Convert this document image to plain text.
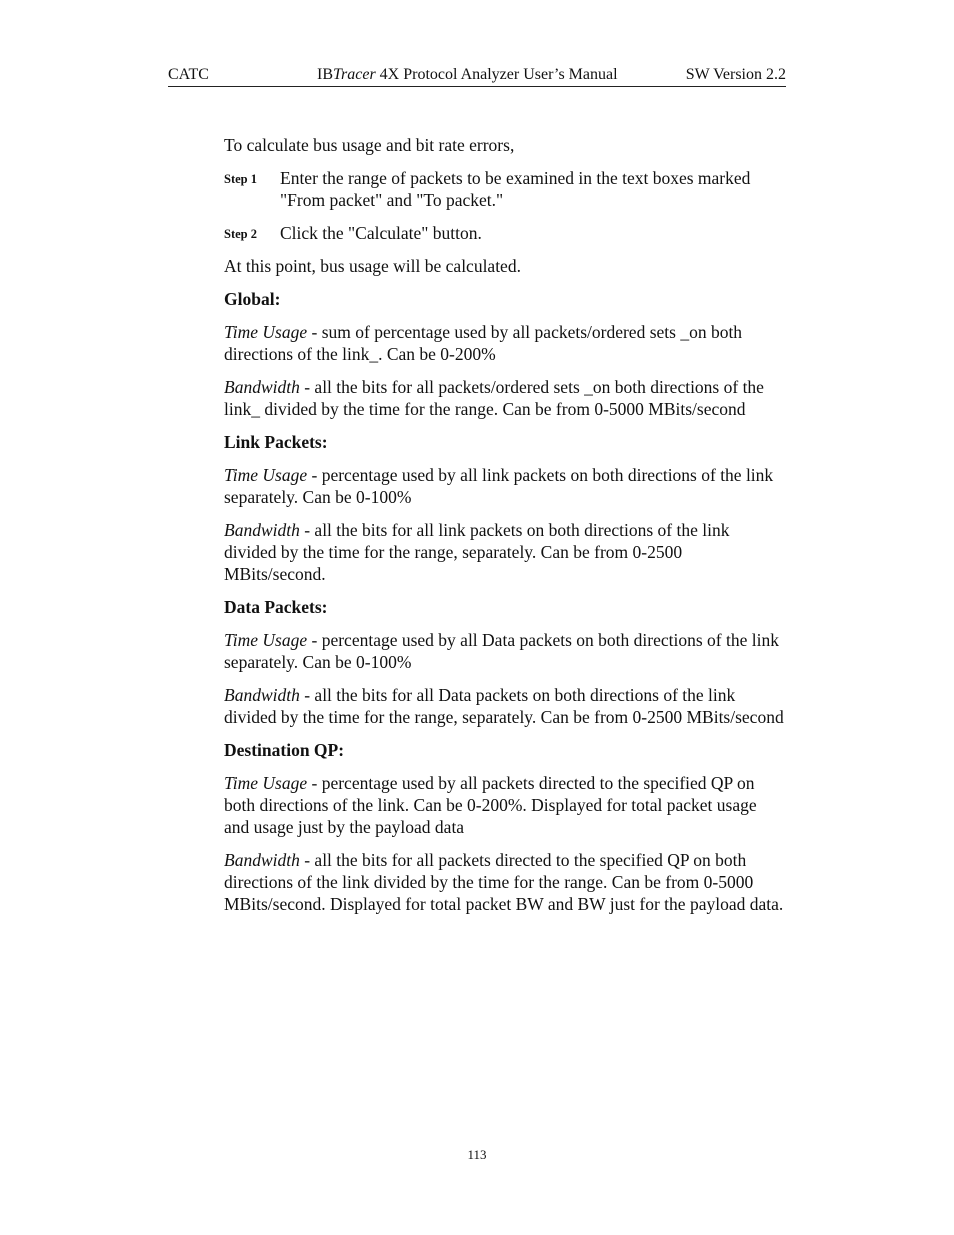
CATC	IBTracer 4X Protocol Analyzer User’s Manual	SW Version 2.2

To calculate bus usage and bit rate errors,

Step 1 Enter the range of packets to be examined in the text boxes marked "From packet" and "To packet."
Step 2 Click the "Calculate" button.

At this point, bus usage will be calculated.

Global:

Time Usage - sum of percentage used by all packets/ordered sets _on both directions of the link_. Can be 0-200%

Bandwidth - all the bits for all packets/ordered sets _on both directions of the link_ divided by the time for the range. Can be from 0-5000 MBits/second

Link Packets:

Time Usage - percentage used by all link packets on both directions of the link separately. Can be 0-100%

Bandwidth - all the bits for all link packets on both directions of the link divided by the time for the range, separately. Can be from 0-2500 MBits/second.

Data Packets:

Time Usage - percentage used by all Data packets on both directions of the link separately. Can be 0-100%

Bandwidth - all the bits for all Data packets on both directions of the link divided by the time for the range, separately. Can be from 0-2500 MBits/second

Destination QP:

Time Usage - percentage used by all packets directed to the specified QP on both directions of the link. Can be 0-200%. Displayed for total packet usage and usage just by the payload data

Bandwidth - all the bits for all packets directed to the specified QP on both directions of the link divided by the time for the range. Can be from 0-5000 MBits/second. Displayed for total packet BW and BW just for the payload data.

113
